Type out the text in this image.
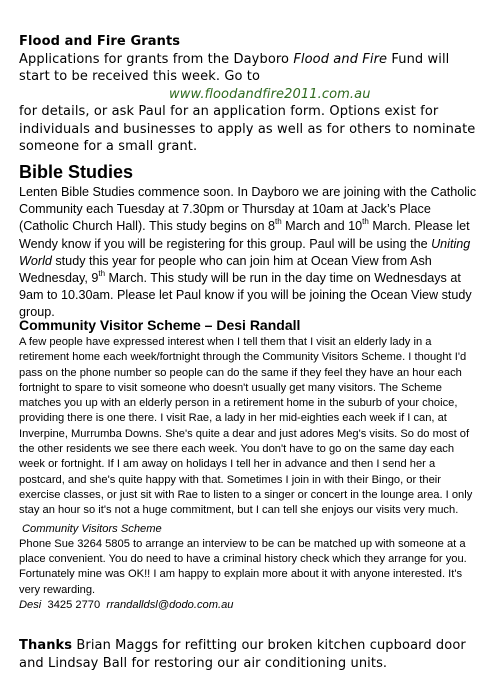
Flood and Fire Grants

Applications for grants from the Dayboro Flood and Fire Fund will start to be received this week. Go to

www.floodandfire2011.com.au

for details, or ask Paul for an application form. Options exist for individuals and businesses to apply as well as for others to nominate someone for a small grant.

Bible Studies

Lenten Bible Studies commence soon. In Dayboro we are joining with the Catholic Community each Tuesday at 7.30pm or Thursday at 10am at Jack’s Place (Catholic Church Hall). This study begins on 8th March and 10th March. Please let Wendy know if you will be registering for this group. Paul will be using the Uniting World study this year for people who can join him at Ocean View from Ash Wednesday, 9th March. This study will be run in the day time on Wednesdays at 9am to 10.30am. Please let Paul know if you will be joining the Ocean View study group.

Community Visitor Scheme – Desi Randall

A few people have expressed interest when I tell them that I visit an elderly lady in a retirement home each week/fortnight through the Community Visitors Scheme. I thought I'd pass on the phone number so people can do the same if they feel they have an hour each fortnight to spare to visit someone who doesn't usually get many visitors. The Scheme matches you up with an elderly person in a retirement home in the suburb of your choice, providing there is one there. I visit Rae, a lady in her mid-eighties each week if I can, at Inverpine, Murrumba Downs. She's quite a dear and just adores Meg's visits. So do most of the other residents we see there each week. You don't have to go on the same day each week or fortnight. If I am away on holidays I tell her in advance and then I send her a postcard, and she's quite happy with that. Sometimes I join in with their Bingo, or their exercise classes, or just sit with Rae to listen to a singer or concert in the lounge area. I only stay an hour so it's not a huge commitment, but I can tell she enjoys our visits very much.

Community Visitors Scheme

Phone Sue 3264 5805 to arrange an interview to be can be matched up with someone at a place convenient. You do need to have a criminal history check which they arrange for you. Fortunately mine was OK!! I am happy to explain more about it with anyone interested. It's very rewarding.

Desi 3425 2770 rrandalldsl@dodo.com.au

Thanks Brian Maggs for refitting our broken kitchen cupboard door and Lindsay Ball for restoring our air conditioning units.
